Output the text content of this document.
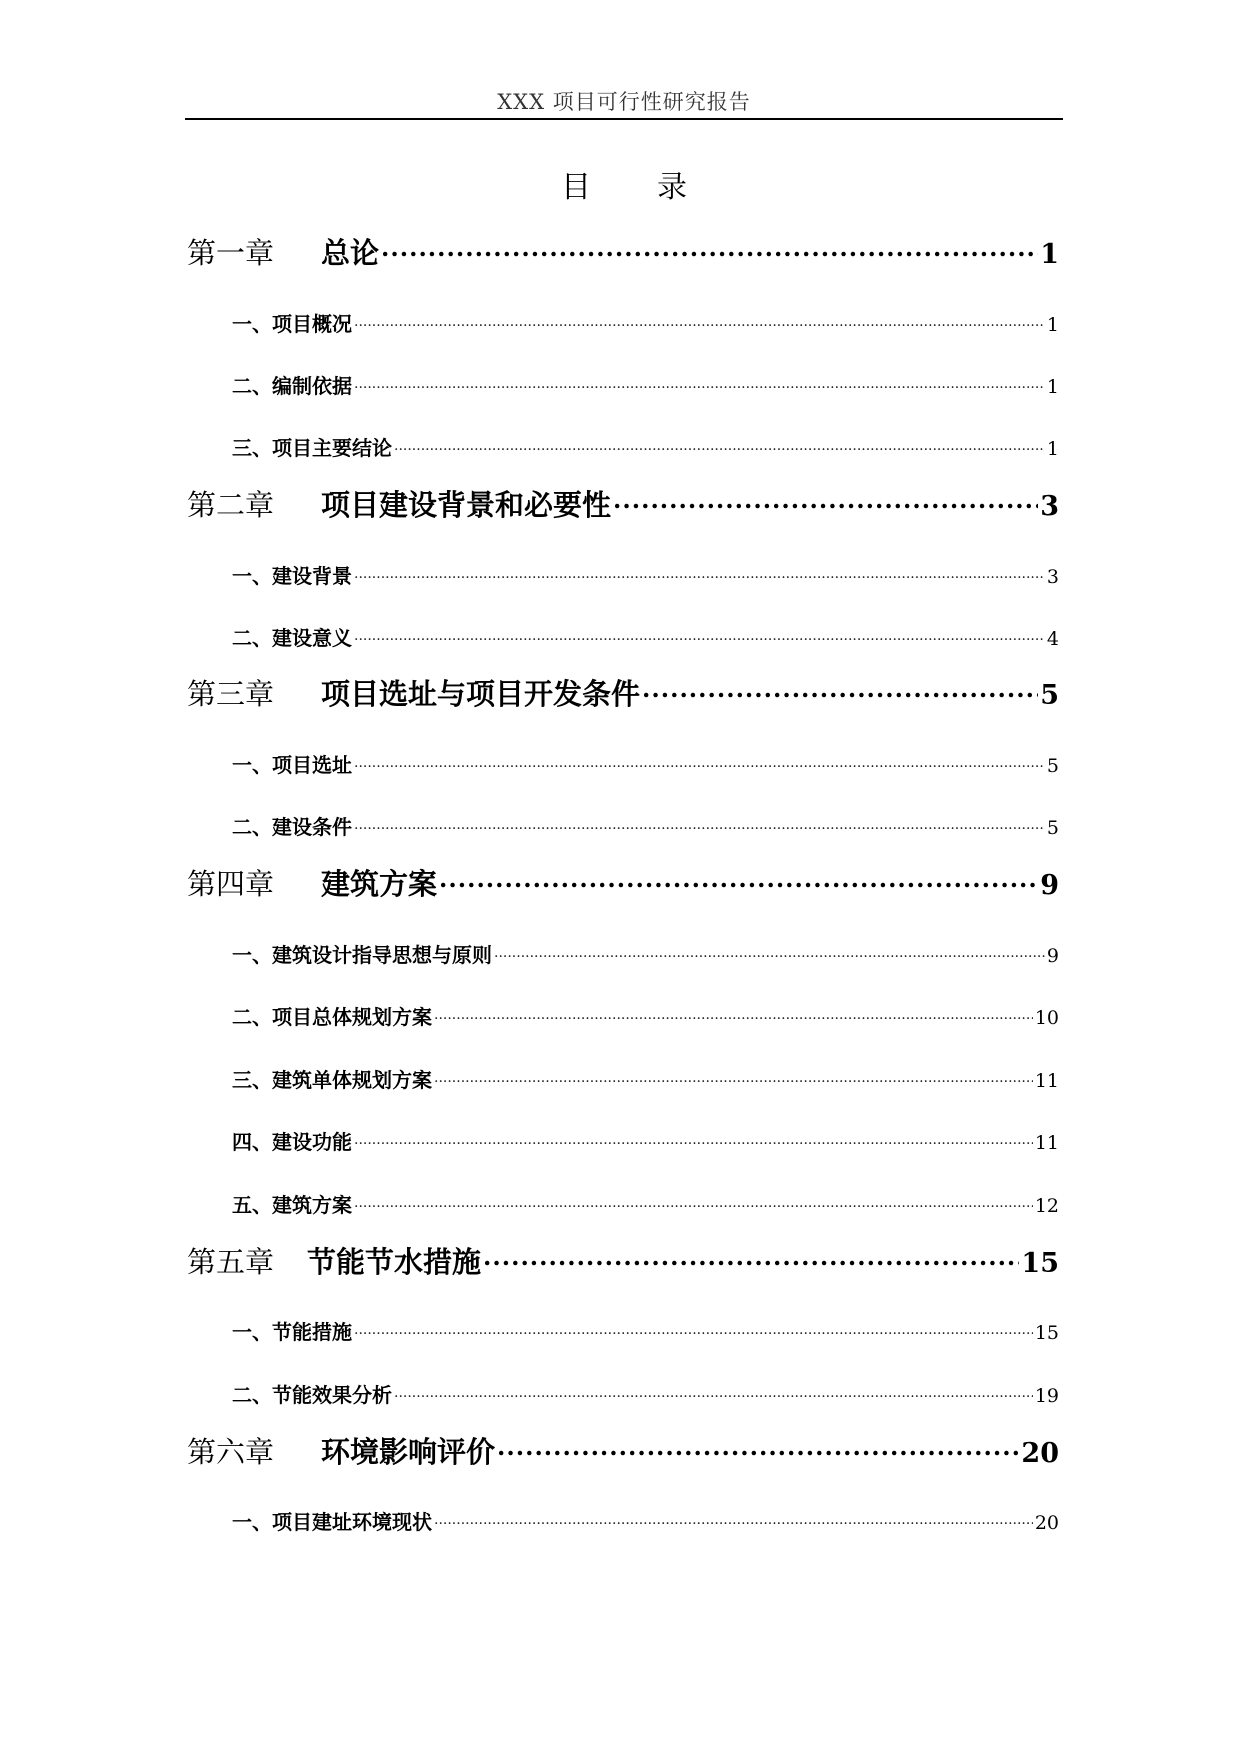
XXX 项目可行性研究报告
目录
第一章 总论 .....	1
一、项目概况 .....	1
二、编制依据 .....	1
三、项目主要结论 .....	1
第二章 项目建设背景和必要性 .....	3
一、建设背景 .....	3
二、建设意义 .....	4
第三章 项目选址与项目开发条件 .....	5
一、项目选址 .....	5
二、建设条件 .....	5
第四章 建筑方案 .....	9
一、建筑设计指导思想与原则 .....	9
二、项目总体规划方案 .....	10
三、建筑单体规划方案 .....	11
四、建设功能 .....	11
五、建筑方案 .....	12
第五章 节能节水措施 .....	15
一、节能措施 .....	15
二、节能效果分析 .....	19
第六章 环境影响评价 .....	20
一、项目建址环境现状 .....	20
